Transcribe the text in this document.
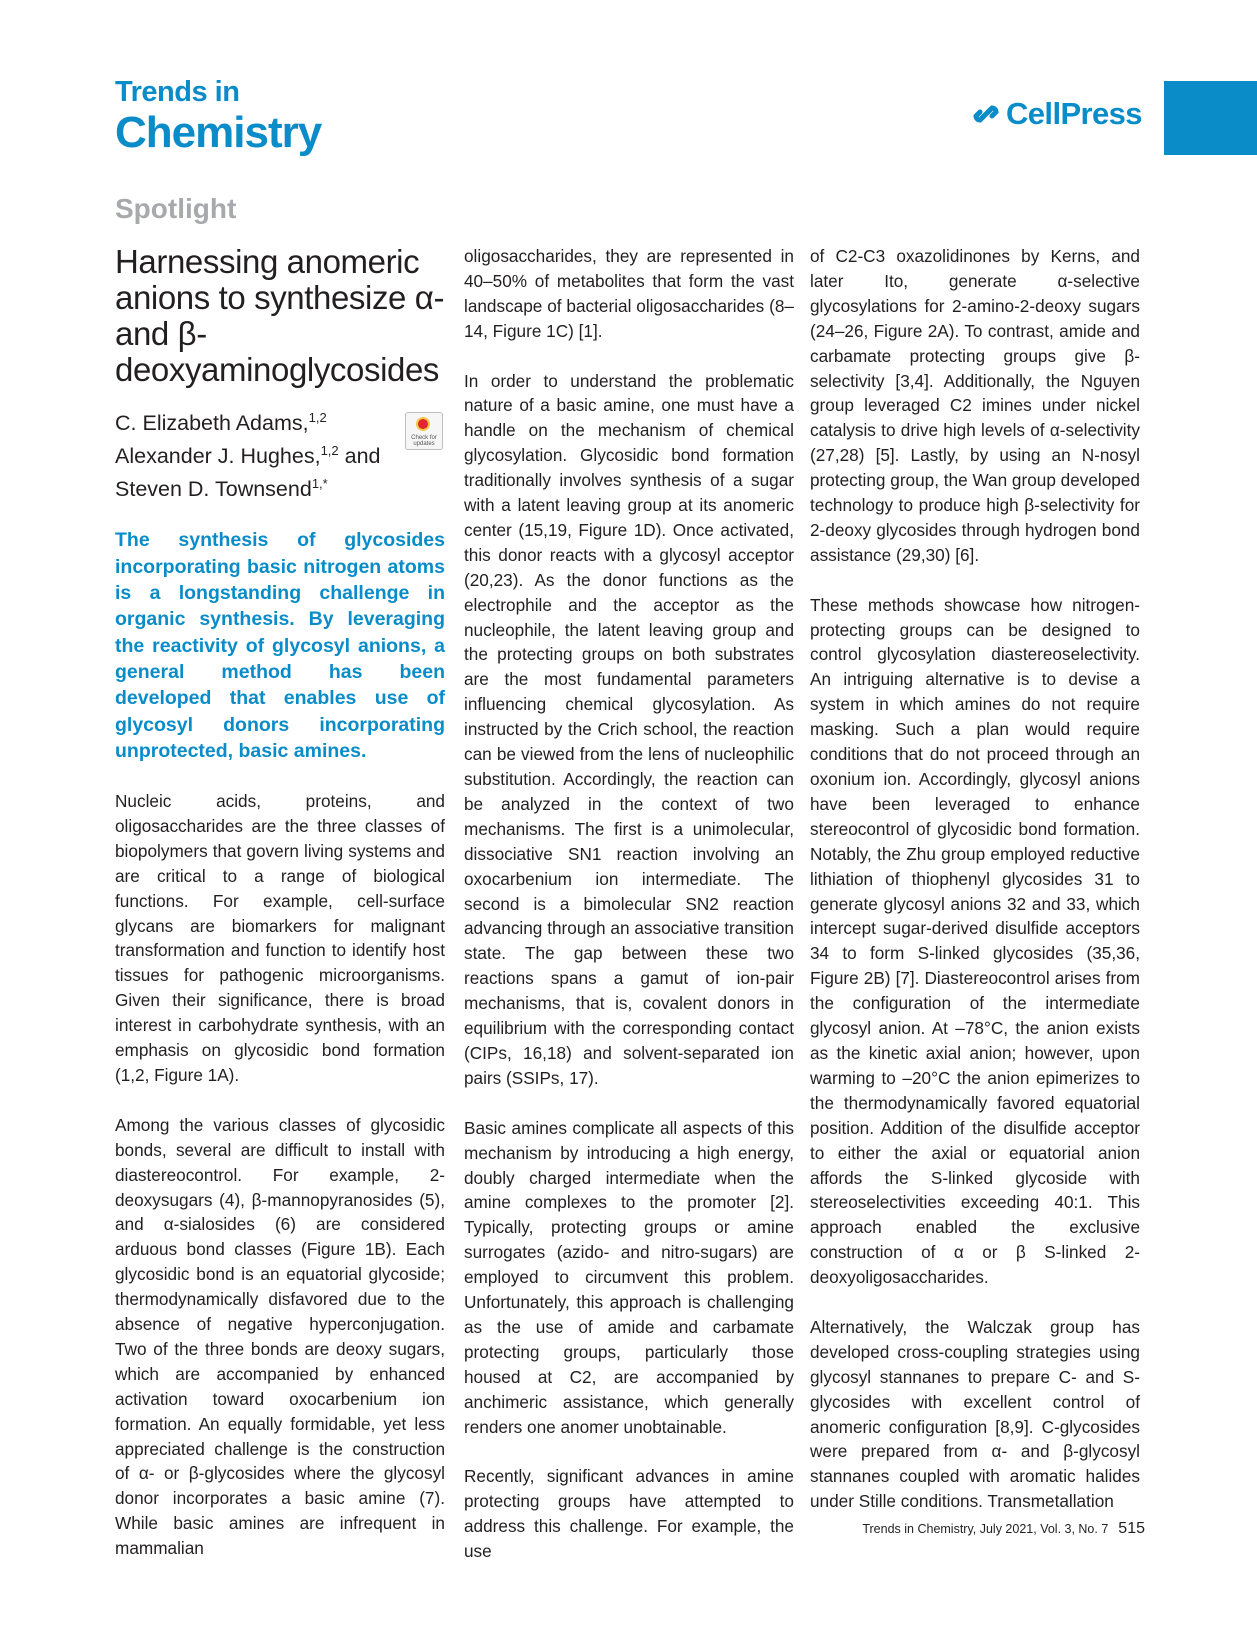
Trends in
Chemistry	CellPress
Spotlight
Harnessing anomeric anions to synthesize α- and β-deoxyaminoglycosides
C. Elizabeth Adams,$^{1,2}$
Alexander J. Hughes,$^{1,2}$ and
Steven D. Townsend$^{1,*}$
Check for updates

The synthesis of glycosides incorporating basic nitrogen atoms is a longstanding challenge in organic synthesis. By leveraging the reactivity of glycosyl anions, a general method has been developed that enables use of glycosyl donors incorporating unprotected, basic amines.

Nucleic acids, proteins, and oligosaccharides are the three classes of biopolymers that govern living systems and are critical to a range of biological functions. For example, cell-surface glycans are biomarkers for malignant transformation and function to identify host tissues for pathogenic microorganisms. Given their significance, there is broad interest in carbohydrate synthesis, with an emphasis on glycosidic bond formation (1,2, Figure 1A).

Among the various classes of glycosidic bonds, several are difficult to install with diastereocontrol. For example, 2-deoxysugars (4), β-mannopyranosides (5), and α-sialosides (6) are considered arduous bond classes (Figure 1B). Each glycosidic bond is an equatorial glycoside; thermodynamically disfavored due to the absence of negative hyperconjugation. Two of the three bonds are deoxy sugars, which are accompanied by enhanced activation toward oxocarbenium ion formation. An equally formidable, yet less appreciated challenge is the construction of α- or β-glycosides where the glycosyl donor incorporates a basic amine (7). While basic amines are infrequent in mammalian

oligosaccharides, they are represented in 40–50% of metabolites that form the vast landscape of bacterial oligosaccharides (8–14, Figure 1C) [1].

In order to understand the problematic nature of a basic amine, one must have a handle on the mechanism of chemical glycosylation. Glycosidic bond formation traditionally involves synthesis of a sugar with a latent leaving group at its anomeric center (15,19, Figure 1D). Once activated, this donor reacts with a glycosyl acceptor (20,23). As the donor functions as the electrophile and the acceptor as the nucleophile, the latent leaving group and the protecting groups on both substrates are the most fundamental parameters influencing chemical glycosylation. As instructed by the Crich school, the reaction can be viewed from the lens of nucleophilic substitution. Accordingly, the reaction can be analyzed in the context of two mechanisms. The first is a unimolecular, dissociative SN1 reaction involving an oxocarbenium ion intermediate. The second is a bimolecular SN2 reaction advancing through an associative transition state. The gap between these two reactions spans a gamut of ion-pair mechanisms, that is, covalent donors in equilibrium with the corresponding contact (CIPs, 16,18) and solvent-separated ion pairs (SSIPs, 17).

Basic amines complicate all aspects of this mechanism by introducing a high energy, doubly charged intermediate when the amine complexes to the promoter [2]. Typically, protecting groups or amine surrogates (azido- and nitro-sugars) are employed to circumvent this problem. Unfortunately, this approach is challenging as the use of amide and carbamate protecting groups, particularly those housed at C2, are accompanied by anchimeric assistance, which generally renders one anomer unobtainable.

Recently, significant advances in amine protecting groups have attempted to address this challenge. For example, the use

of C2-C3 oxazolidinones by Kerns, and later Ito, generate α-selective glycosylations for 2-amino-2-deoxy sugars (24–26, Figure 2A). To contrast, amide and carbamate protecting groups give β-selectivity [3,4]. Additionally, the Nguyen group leveraged C2 imines under nickel catalysis to drive high levels of α-selectivity (27,28) [5]. Lastly, by using an N-nosyl protecting group, the Wan group developed technology to produce high β-selectivity for 2-deoxy glycosides through hydrogen bond assistance (29,30) [6].

These methods showcase how nitrogen-protecting groups can be designed to control glycosylation diastereoselectivity. An intriguing alternative is to devise a system in which amines do not require masking. Such a plan would require conditions that do not proceed through an oxonium ion. Accordingly, glycosyl anions have been leveraged to enhance stereocontrol of glycosidic bond formation. Notably, the Zhu group employed reductive lithiation of thiophenyl glycosides 31 to generate glycosyl anions 32 and 33, which intercept sugar-derived disulfide acceptors 34 to form S-linked glycosides (35,36, Figure 2B) [7]. Diastereocontrol arises from the configuration of the intermediate glycosyl anion. At –78°C, the anion exists as the kinetic axial anion; however, upon warming to –20°C the anion epimerizes to the thermodynamically favored equatorial position. Addition of the disulfide acceptor to either the axial or equatorial anion affords the S-linked glycoside with stereoselectivities exceeding 40:1. This approach enabled the exclusive construction of α or β S-linked 2-deoxyoligosaccharides.

Alternatively, the Walczak group has developed cross-coupling strategies using glycosyl stannanes to prepare C- and S-glycosides with excellent control of anomeric configuration [8,9]. C-glycosides were prepared from α- and β-glycosyl stannanes coupled with aromatic halides under Stille conditions. Transmetallation

Trends in Chemistry, July 2021, Vol. 3, No. 7 515
